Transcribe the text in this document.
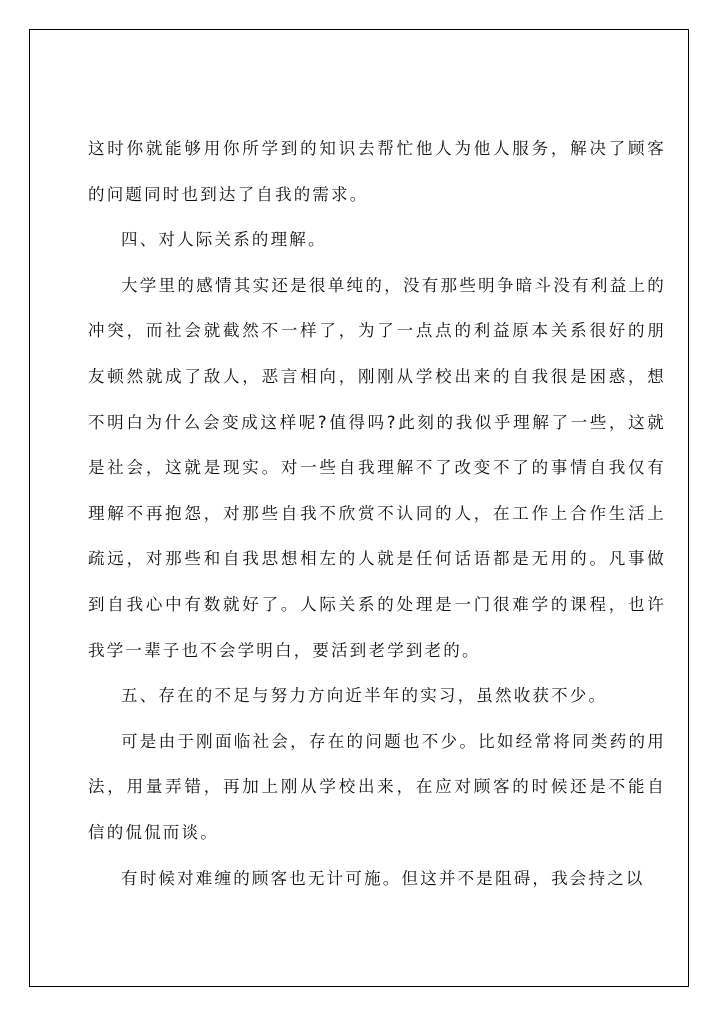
这时你就能够用你所学到的知识去帮忙他人为他人服务，解决了顾客的问题同时也到达了自我的需求。

四、对人际关系的理解。

大学里的感情其实还是很单纯的，没有那些明争暗斗没有利益上的冲突，而社会就截然不一样了，为了一点点的利益原本关系很好的朋友顿然就成了敌人，恶言相向，刚刚从学校出来的自我很是困惑，想不明白为什么会变成这样呢?值得吗?此刻的我似乎理解了一些，这就是社会，这就是现实。对一些自我理解不了改变不了的事情自我仅有理解不再抱怨，对那些自我不欣赏不认同的人，在工作上合作生活上疏远，对那些和自我思想相左的人就是任何话语都是无用的。凡事做到自我心中有数就好了。人际关系的处理是一门很难学的课程，也许我学一辈子也不会学明白，要活到老学到老的。

五、存在的不足与努力方向近半年的实习，虽然收获不少。

可是由于刚面临社会，存在的问题也不少。比如经常将同类药的用法，用量弄错，再加上刚从学校出来，在应对顾客的时候还是不能自信的侃侃而谈。

有时候对难缠的顾客也无计可施。但这并不是阻碍，我会持之以
